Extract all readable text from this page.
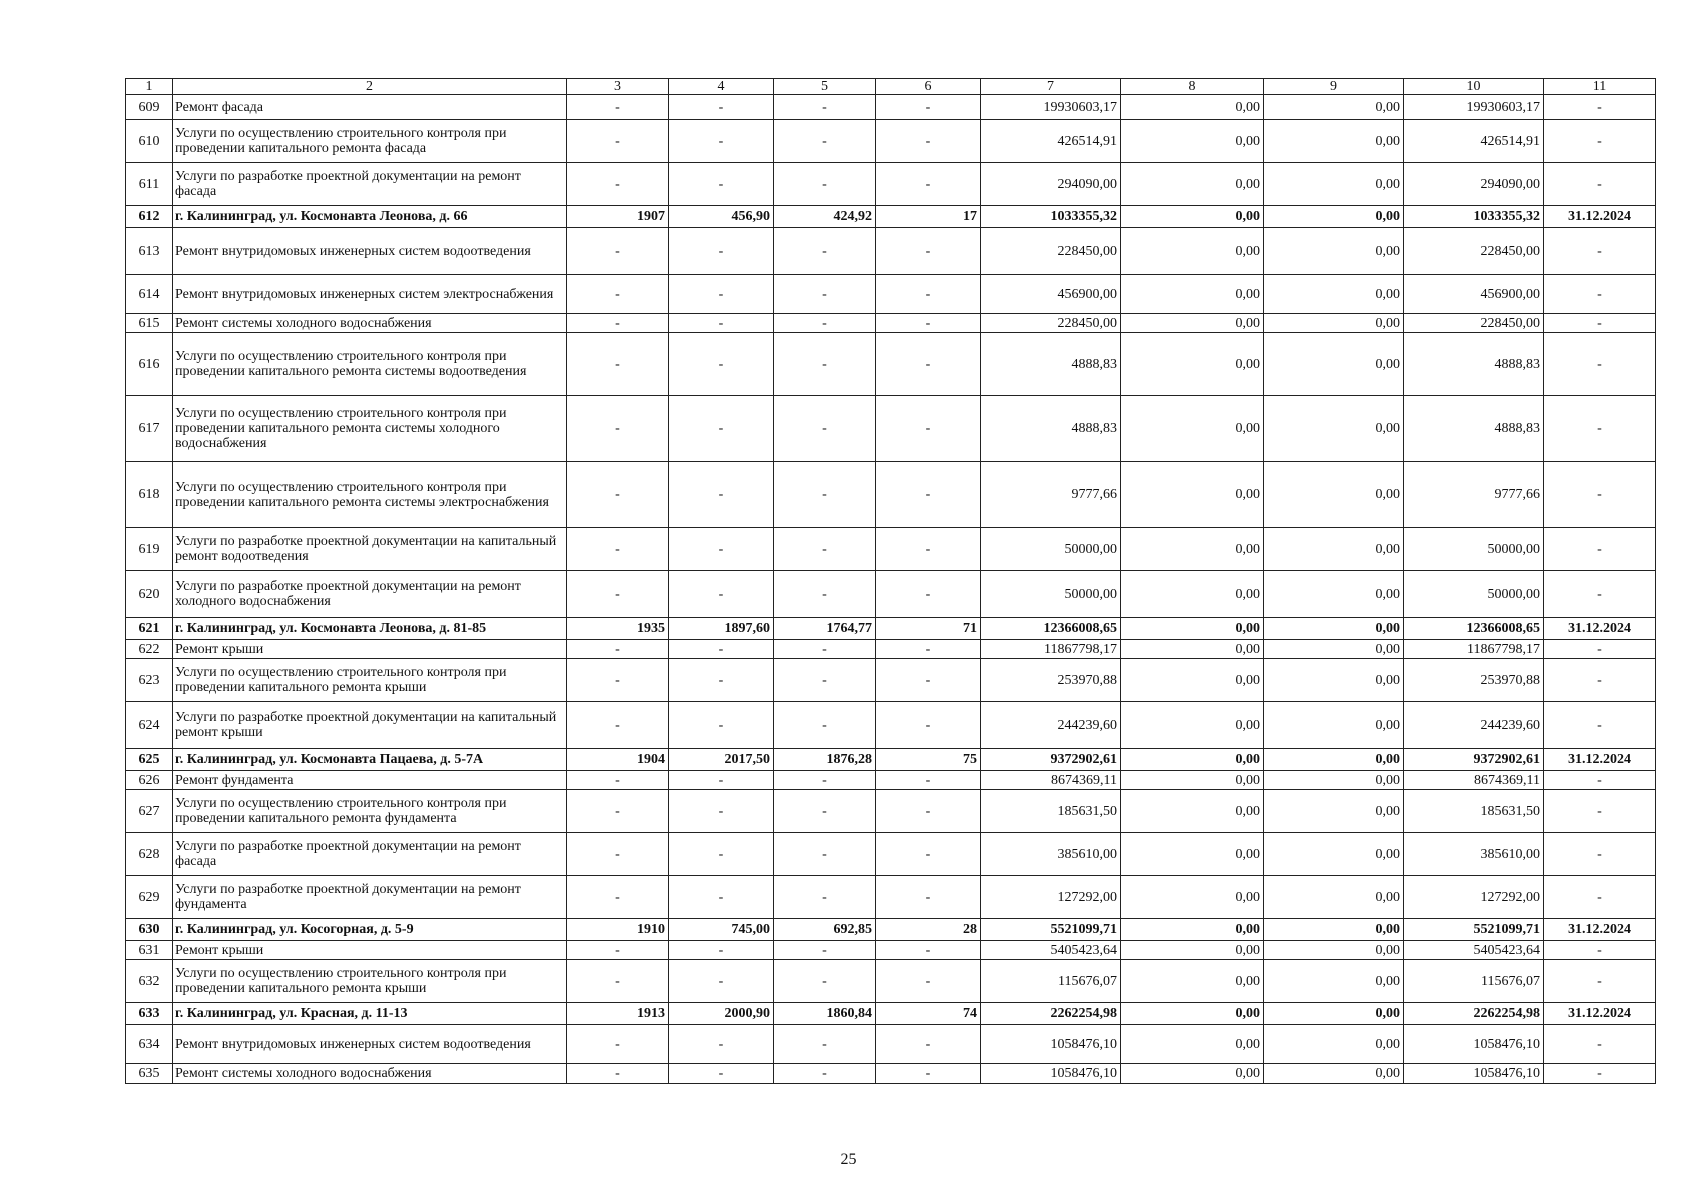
1	2	3	4	5	6	7	8	9	10	11
609	Ремонт фасада	-	-	-	-	19930603,17	0,00	0,00	19930603,17	-
610	Услуги по осуществлению строительного контроля при проведении капитального ремонта фасада	-	-	-	-	426514,91	0,00	0,00	426514,91	-
611	Услуги по разработке проектной документации на ремонт фасада	-	-	-	-	294090,00	0,00	0,00	294090,00	-
612	г. Калининград, ул. Космонавта Леонова, д. 66	1907	456,90	424,92	17	1033355,32	0,00	0,00	1033355,32	31.12.2024
613	Ремонт внутридомовых инженерных систем водоотведения	-	-	-	-	228450,00	0,00	0,00	228450,00	-
614	Ремонт внутридомовых инженерных систем электроснабжения	-	-	-	-	456900,00	0,00	0,00	456900,00	-
615	Ремонт системы холодного водоснабжения	-	-	-	-	228450,00	0,00	0,00	228450,00	-
616	Услуги по осуществлению строительного контроля при проведении капитального ремонта системы водоотведения	-	-	-	-	4888,83	0,00	0,00	4888,83	-
617	Услуги по осуществлению строительного контроля при проведении капитального ремонта системы холодного водоснабжения	-	-	-	-	4888,83	0,00	0,00	4888,83	-
618	Услуги по осуществлению строительного контроля при проведении капитального ремонта системы электроснабжения	-	-	-	-	9777,66	0,00	0,00	9777,66	-
619	Услуги по разработке проектной документации на капитальный ремонт водоотведения	-	-	-	-	50000,00	0,00	0,00	50000,00	-
620	Услуги по разработке проектной документации на ремонт холодного водоснабжения	-	-	-	-	50000,00	0,00	0,00	50000,00	-
621	г. Калининград, ул. Космонавта Леонова, д. 81-85	1935	1897,60	1764,77	71	12366008,65	0,00	0,00	12366008,65	31.12.2024
622	Ремонт крыши	-	-	-	-	11867798,17	0,00	0,00	11867798,17	-
623	Услуги по осуществлению строительного контроля при проведении капитального ремонта крыши	-	-	-	-	253970,88	0,00	0,00	253970,88	-
624	Услуги по разработке проектной документации на капитальный ремонт крыши	-	-	-	-	244239,60	0,00	0,00	244239,60	-
625	г. Калининград, ул. Космонавта Пацаева, д. 5-7А	1904	2017,50	1876,28	75	9372902,61	0,00	0,00	9372902,61	31.12.2024
626	Ремонт фундамента	-	-	-	-	8674369,11	0,00	0,00	8674369,11	-
627	Услуги по осуществлению строительного контроля при проведении капитального ремонта фундамента	-	-	-	-	185631,50	0,00	0,00	185631,50	-
628	Услуги по разработке проектной документации на ремонт фасада	-	-	-	-	385610,00	0,00	0,00	385610,00	-
629	Услуги по разработке проектной документации на ремонт фундамента	-	-	-	-	127292,00	0,00	0,00	127292,00	-
630	г. Калининград, ул. Косогорная, д. 5-9	1910	745,00	692,85	28	5521099,71	0,00	0,00	5521099,71	31.12.2024
631	Ремонт крыши	-	-	-	-	5405423,64	0,00	0,00	5405423,64	-
632	Услуги по осуществлению строительного контроля при проведении капитального ремонта крыши	-	-	-	-	115676,07	0,00	0,00	115676,07	-
633	г. Калининград, ул. Красная, д. 11-13	1913	2000,90	1860,84	74	2262254,98	0,00	0,00	2262254,98	31.12.2024
634	Ремонт внутридомовых инженерных систем водоотведения	-	-	-	-	1058476,10	0,00	0,00	1058476,10	-
635	Ремонт системы холодного водоснабжения	-	-	-	-	1058476,10	0,00	0,00	1058476,10	-
25
